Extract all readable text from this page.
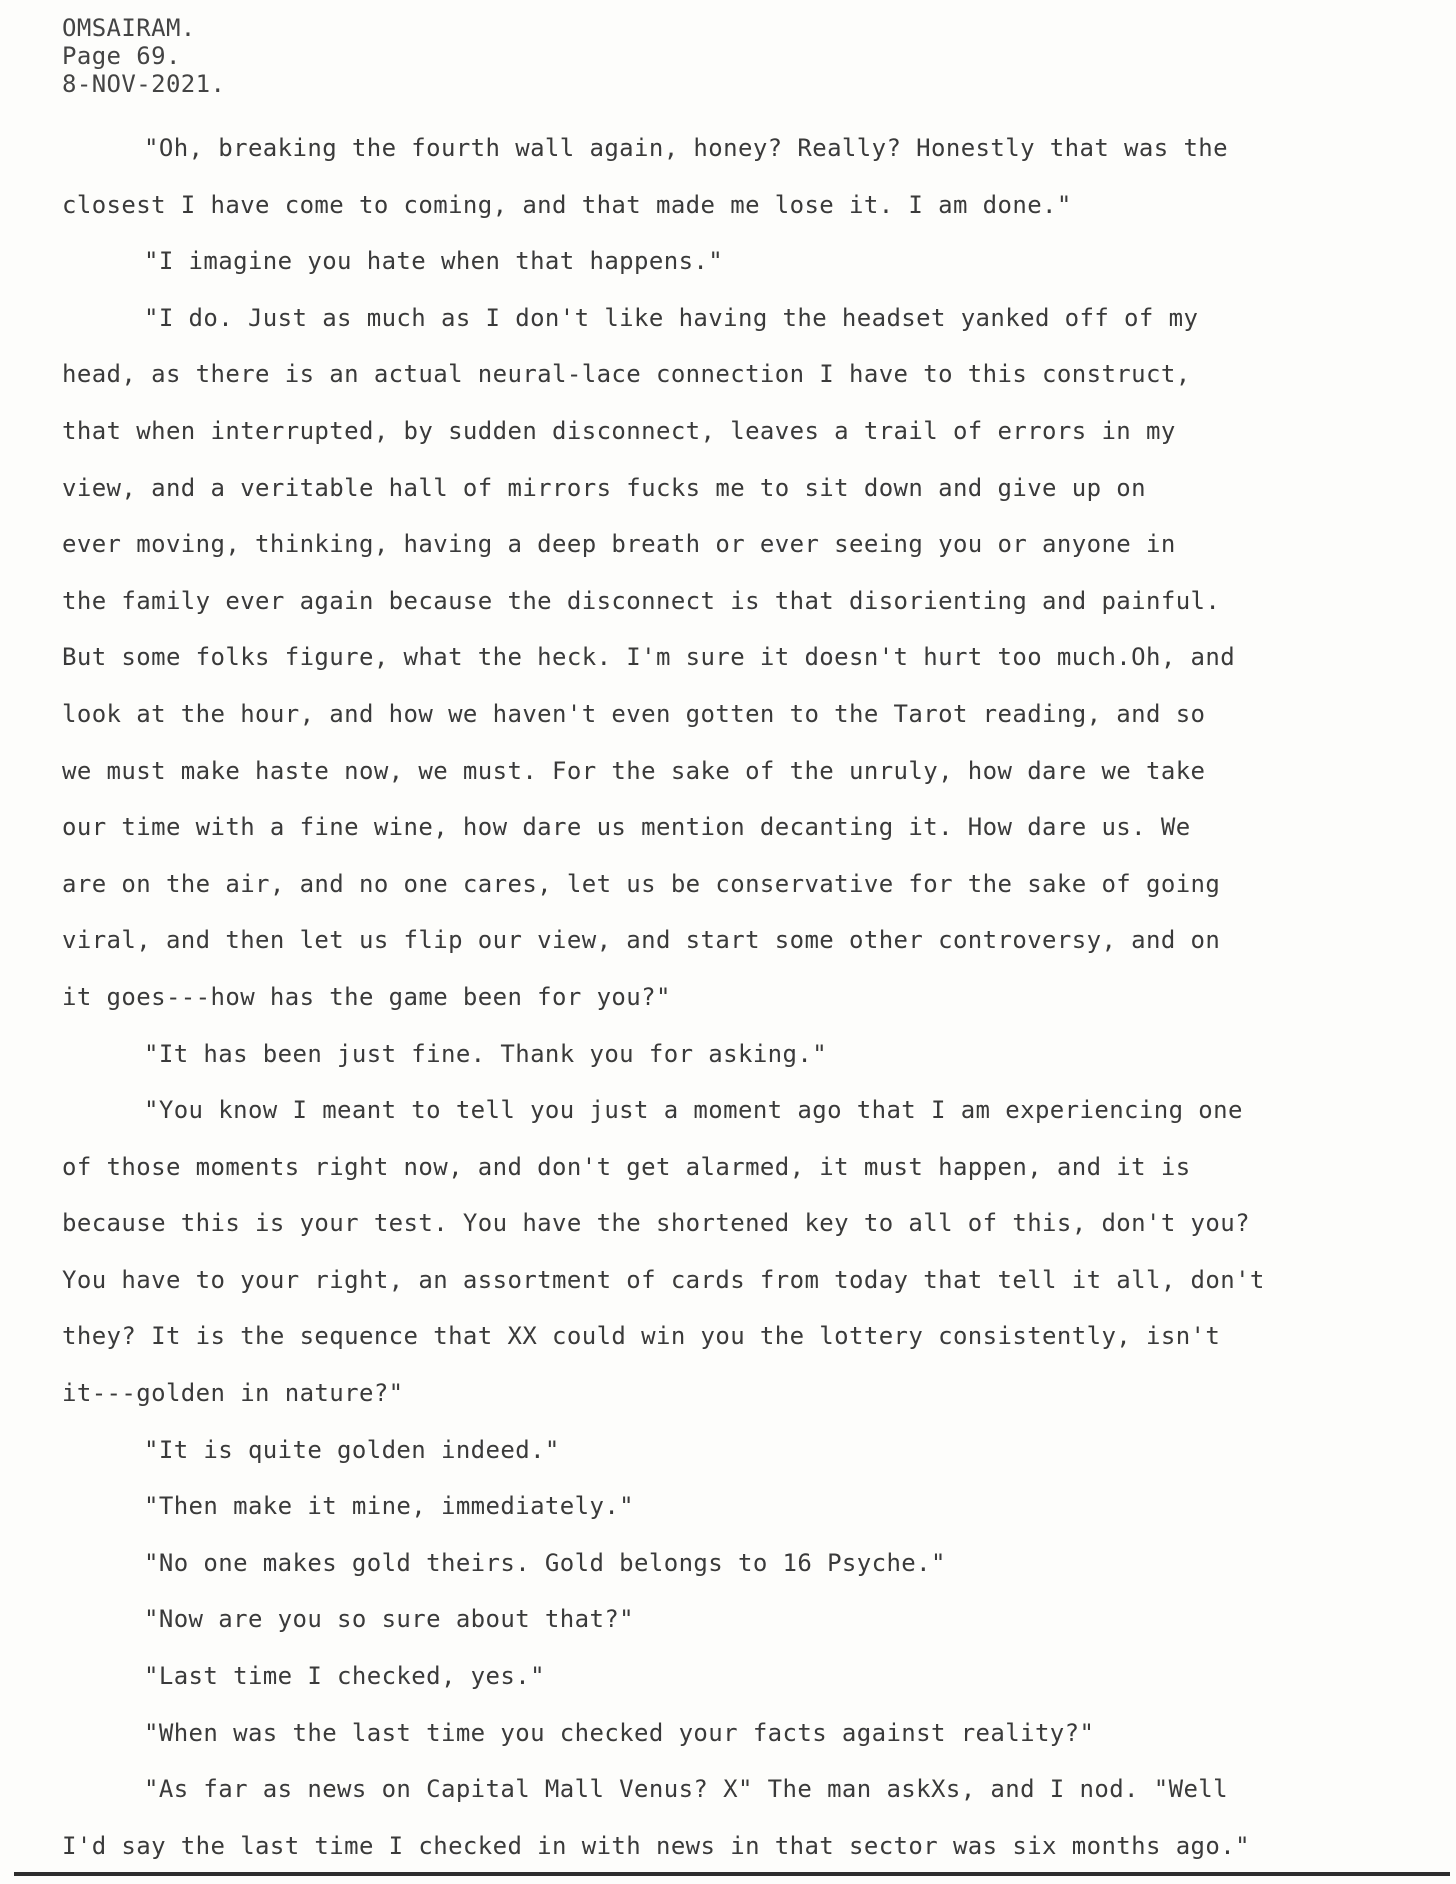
OMSAIRAM.
Page 69.
8-NOV-2021.
"Oh, breaking the fourth wall again, honey? Really? Honestly that was the
closest I have come to coming, and that made me lose it. I am done."
"I imagine you hate when that happens."
"I do. Just as much as I don't like having the headset yanked off of my
head, as there is an actual neural-lace connection I have to this construct,
that when interrupted, by sudden disconnect, leaves a trail of errors in my
view, and a veritable hall of mirrors fucks me to sit down and give up on
ever moving, thinking, having a deep breath or ever seeing you or anyone in
the family ever again because the disconnect is that disorienting and painful.
But some folks figure, what the heck. I'm sure it doesn't hurt too much.Oh, and
look at the hour, and how we haven't even gotten to the Tarot reading, and so
we must make haste now, we must. For the sake of the unruly, how dare we take
our time with a fine wine, how dare us mention decanting it. How dare us. We
are on the air, and no one cares, let us be conservative for the sake of going
viral, and then let us flip our view, and start some other controversy, and on
it goes---how has the game been for you?"
"It has been just fine. Thank you for asking."
"You know I meant to tell you just a moment ago that I am experiencing one
of those moments right now, and don't get alarmed, it must happen, and it is
because this is your test. You have the shortened key to all of this, don't you?
You have to your right, an assortment of cards from today that tell it all, don't
they? It is the sequence that XX could win you the lottery consistently, isn't
it---golden in nature?"
"It is quite golden indeed."
"Then make it mine, immediately."
"No one makes gold theirs. Gold belongs to 16 Psyche."
"Now are you so sure about that?"
"Last time I checked, yes."
"When was the last time you checked your facts against reality?"
"As far as news on Capital Mall Venus? X" The man askXs, and I nod. "Well
I'd say the last time I checked in with news in that sector was six months ago."
